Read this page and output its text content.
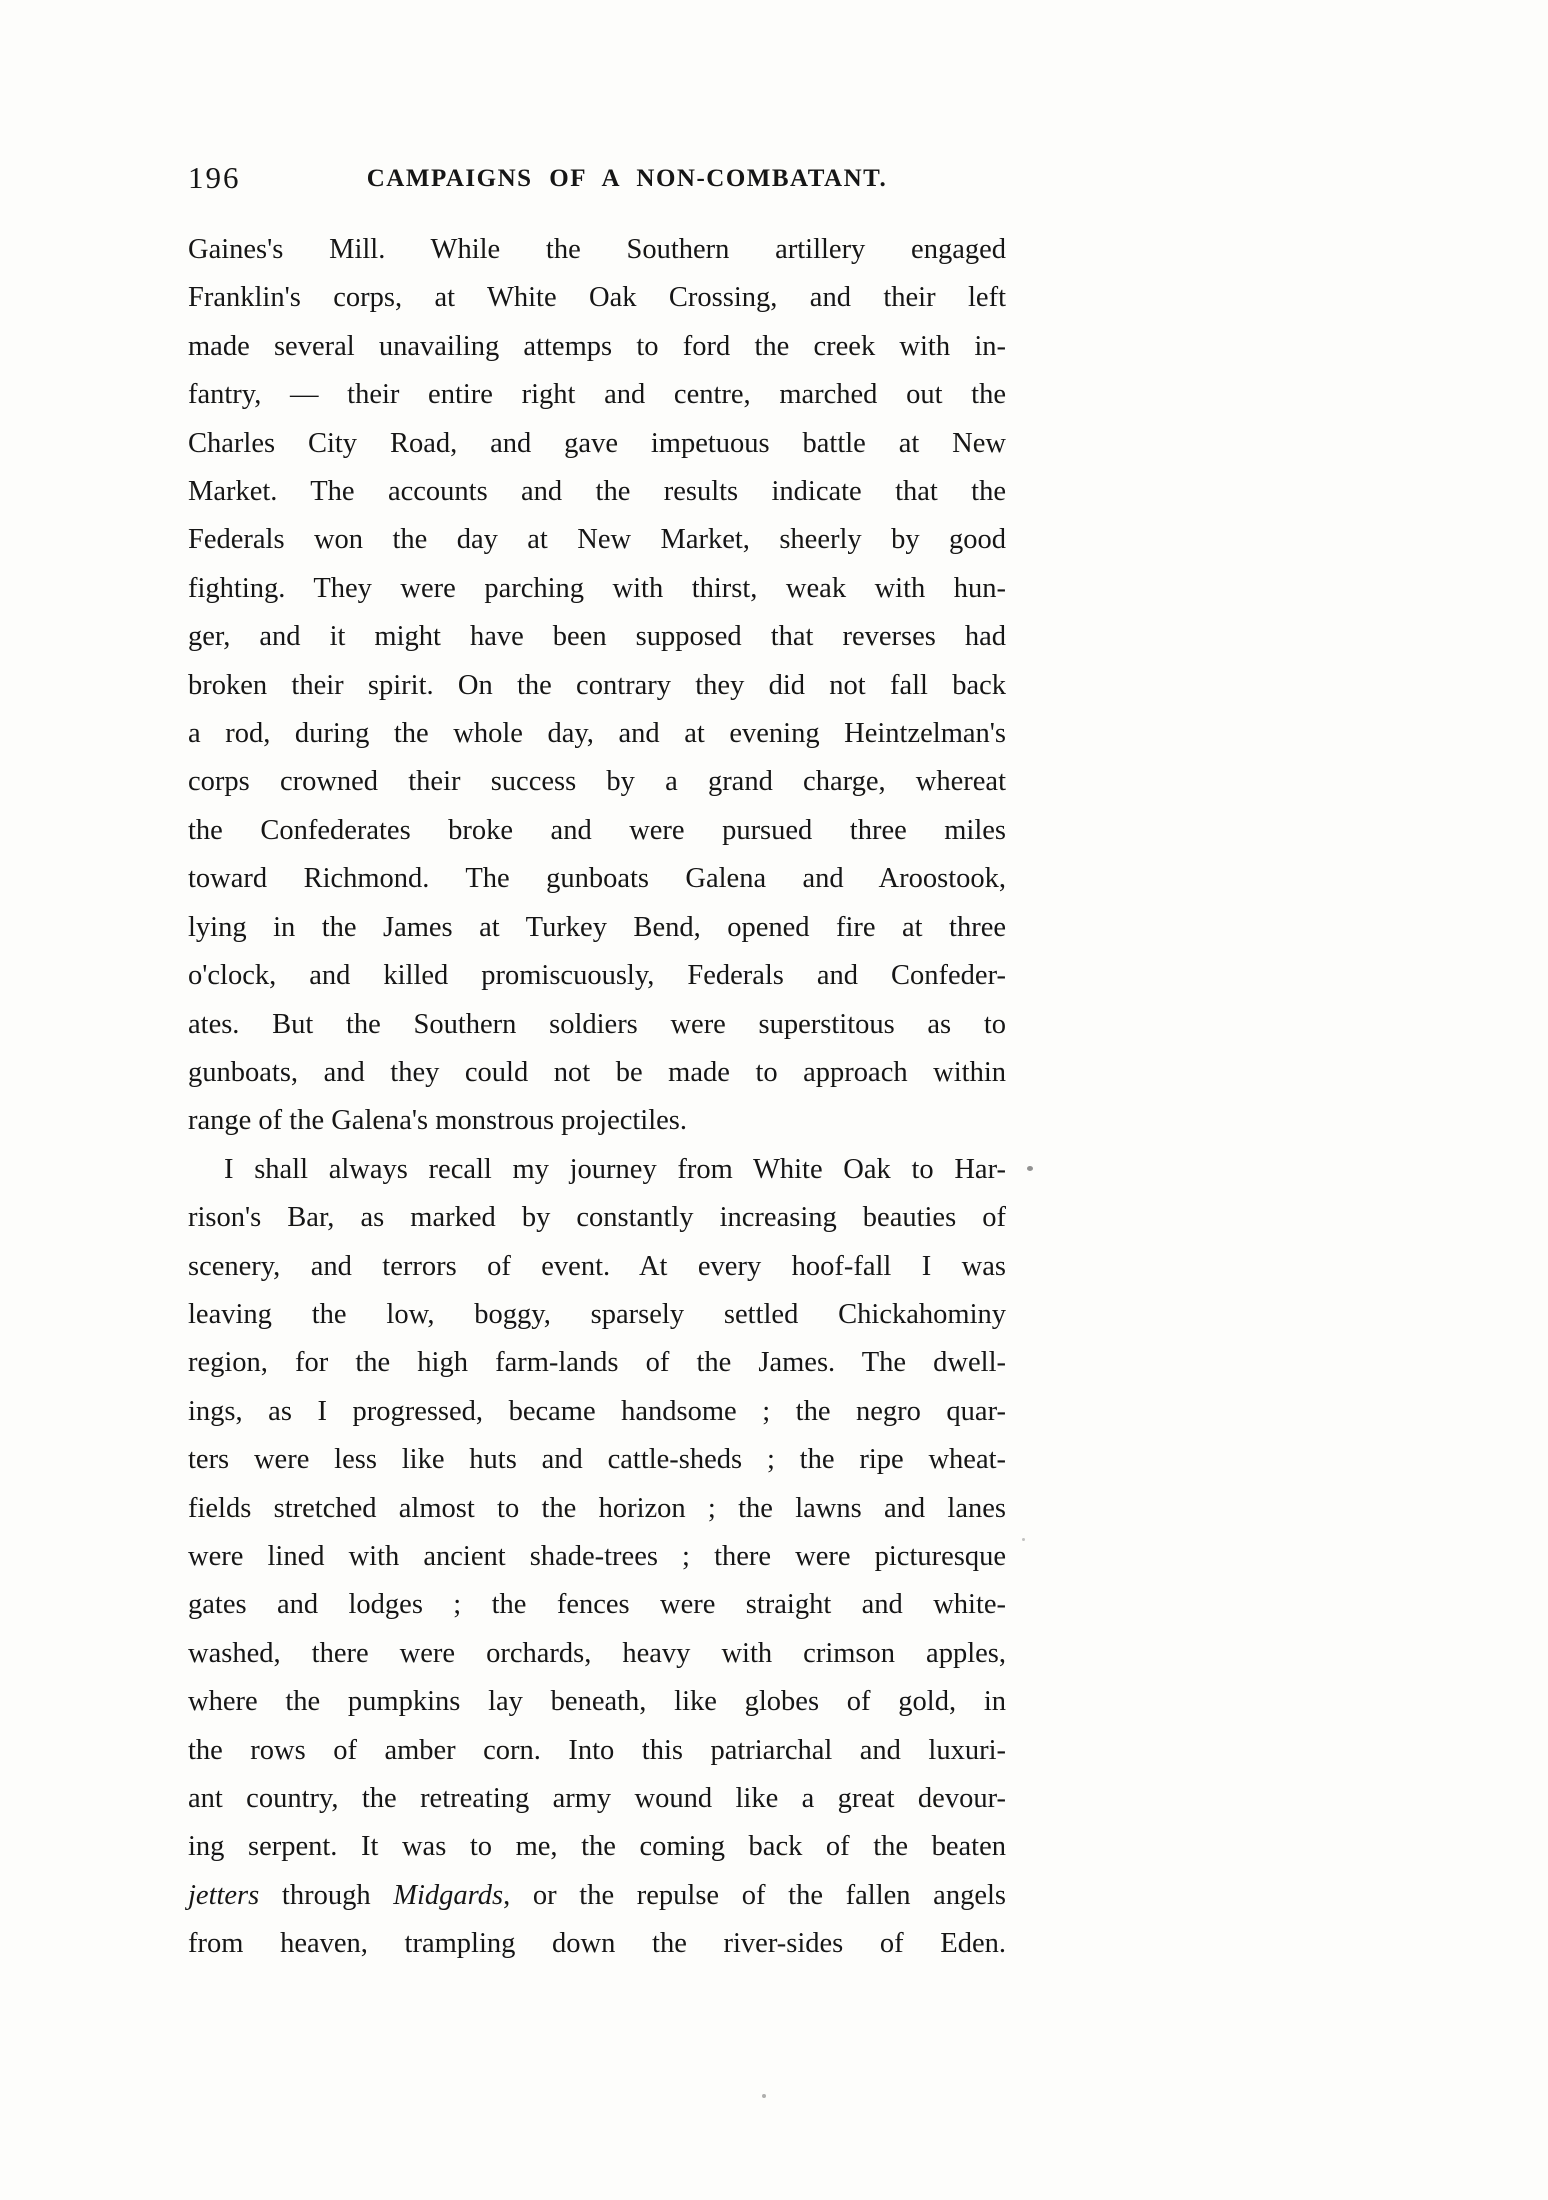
196	CAMPAIGNS OF A NON-COMBATANT.
Gaines's Mill. While the Southern artillery engaged
Franklin's corps, at White Oak Crossing, and their left
made several unavailing attemps to ford the creek with in-
fantry, — their entire right and centre, marched out the
Charles City Road, and gave impetuous battle at New
Market. The accounts and the results indicate that the
Federals won the day at New Market, sheerly by good
fighting. They were parching with thirst, weak with hun-
ger, and it might have been supposed that reverses had
broken their spirit. On the contrary they did not fall back
a rod, during the whole day, and at evening Heintzelman's
corps crowned their success by a grand charge, whereat
the Confederates broke and were pursued three miles
toward Richmond. The gunboats Galena and Aroostook,
lying in the James at Turkey Bend, opened fire at three
o'clock, and killed promiscuously, Federals and Confeder-
ates. But the Southern soldiers were superstitous as to
gunboats, and they could not be made to approach within
range of the Galena's monstrous projectiles.
I shall always recall my journey from White Oak to Har-
rison's Bar, as marked by constantly increasing beauties of
scenery, and terrors of event. At every hoof-fall I was
leaving the low, boggy, sparsely settled Chickahominy
region, for the high farm-lands of the James. The dwell-
ings, as I progressed, became handsome ; the negro quar-
ters were less like huts and cattle-sheds ; the ripe wheat-
fields stretched almost to the horizon ; the lawns and lanes
were lined with ancient shade-trees ; there were picturesque
gates and lodges ; the fences were straight and white-
washed, there were orchards, heavy with crimson apples,
where the pumpkins lay beneath, like globes of gold, in
the rows of amber corn. Into this patriarchal and luxuri-
ant country, the retreating army wound like a great devour-
ing serpent. It was to me, the coming back of the beaten
jetters through Midgards, or the repulse of the fallen angels
from heaven, trampling down the river-sides of Eden.
